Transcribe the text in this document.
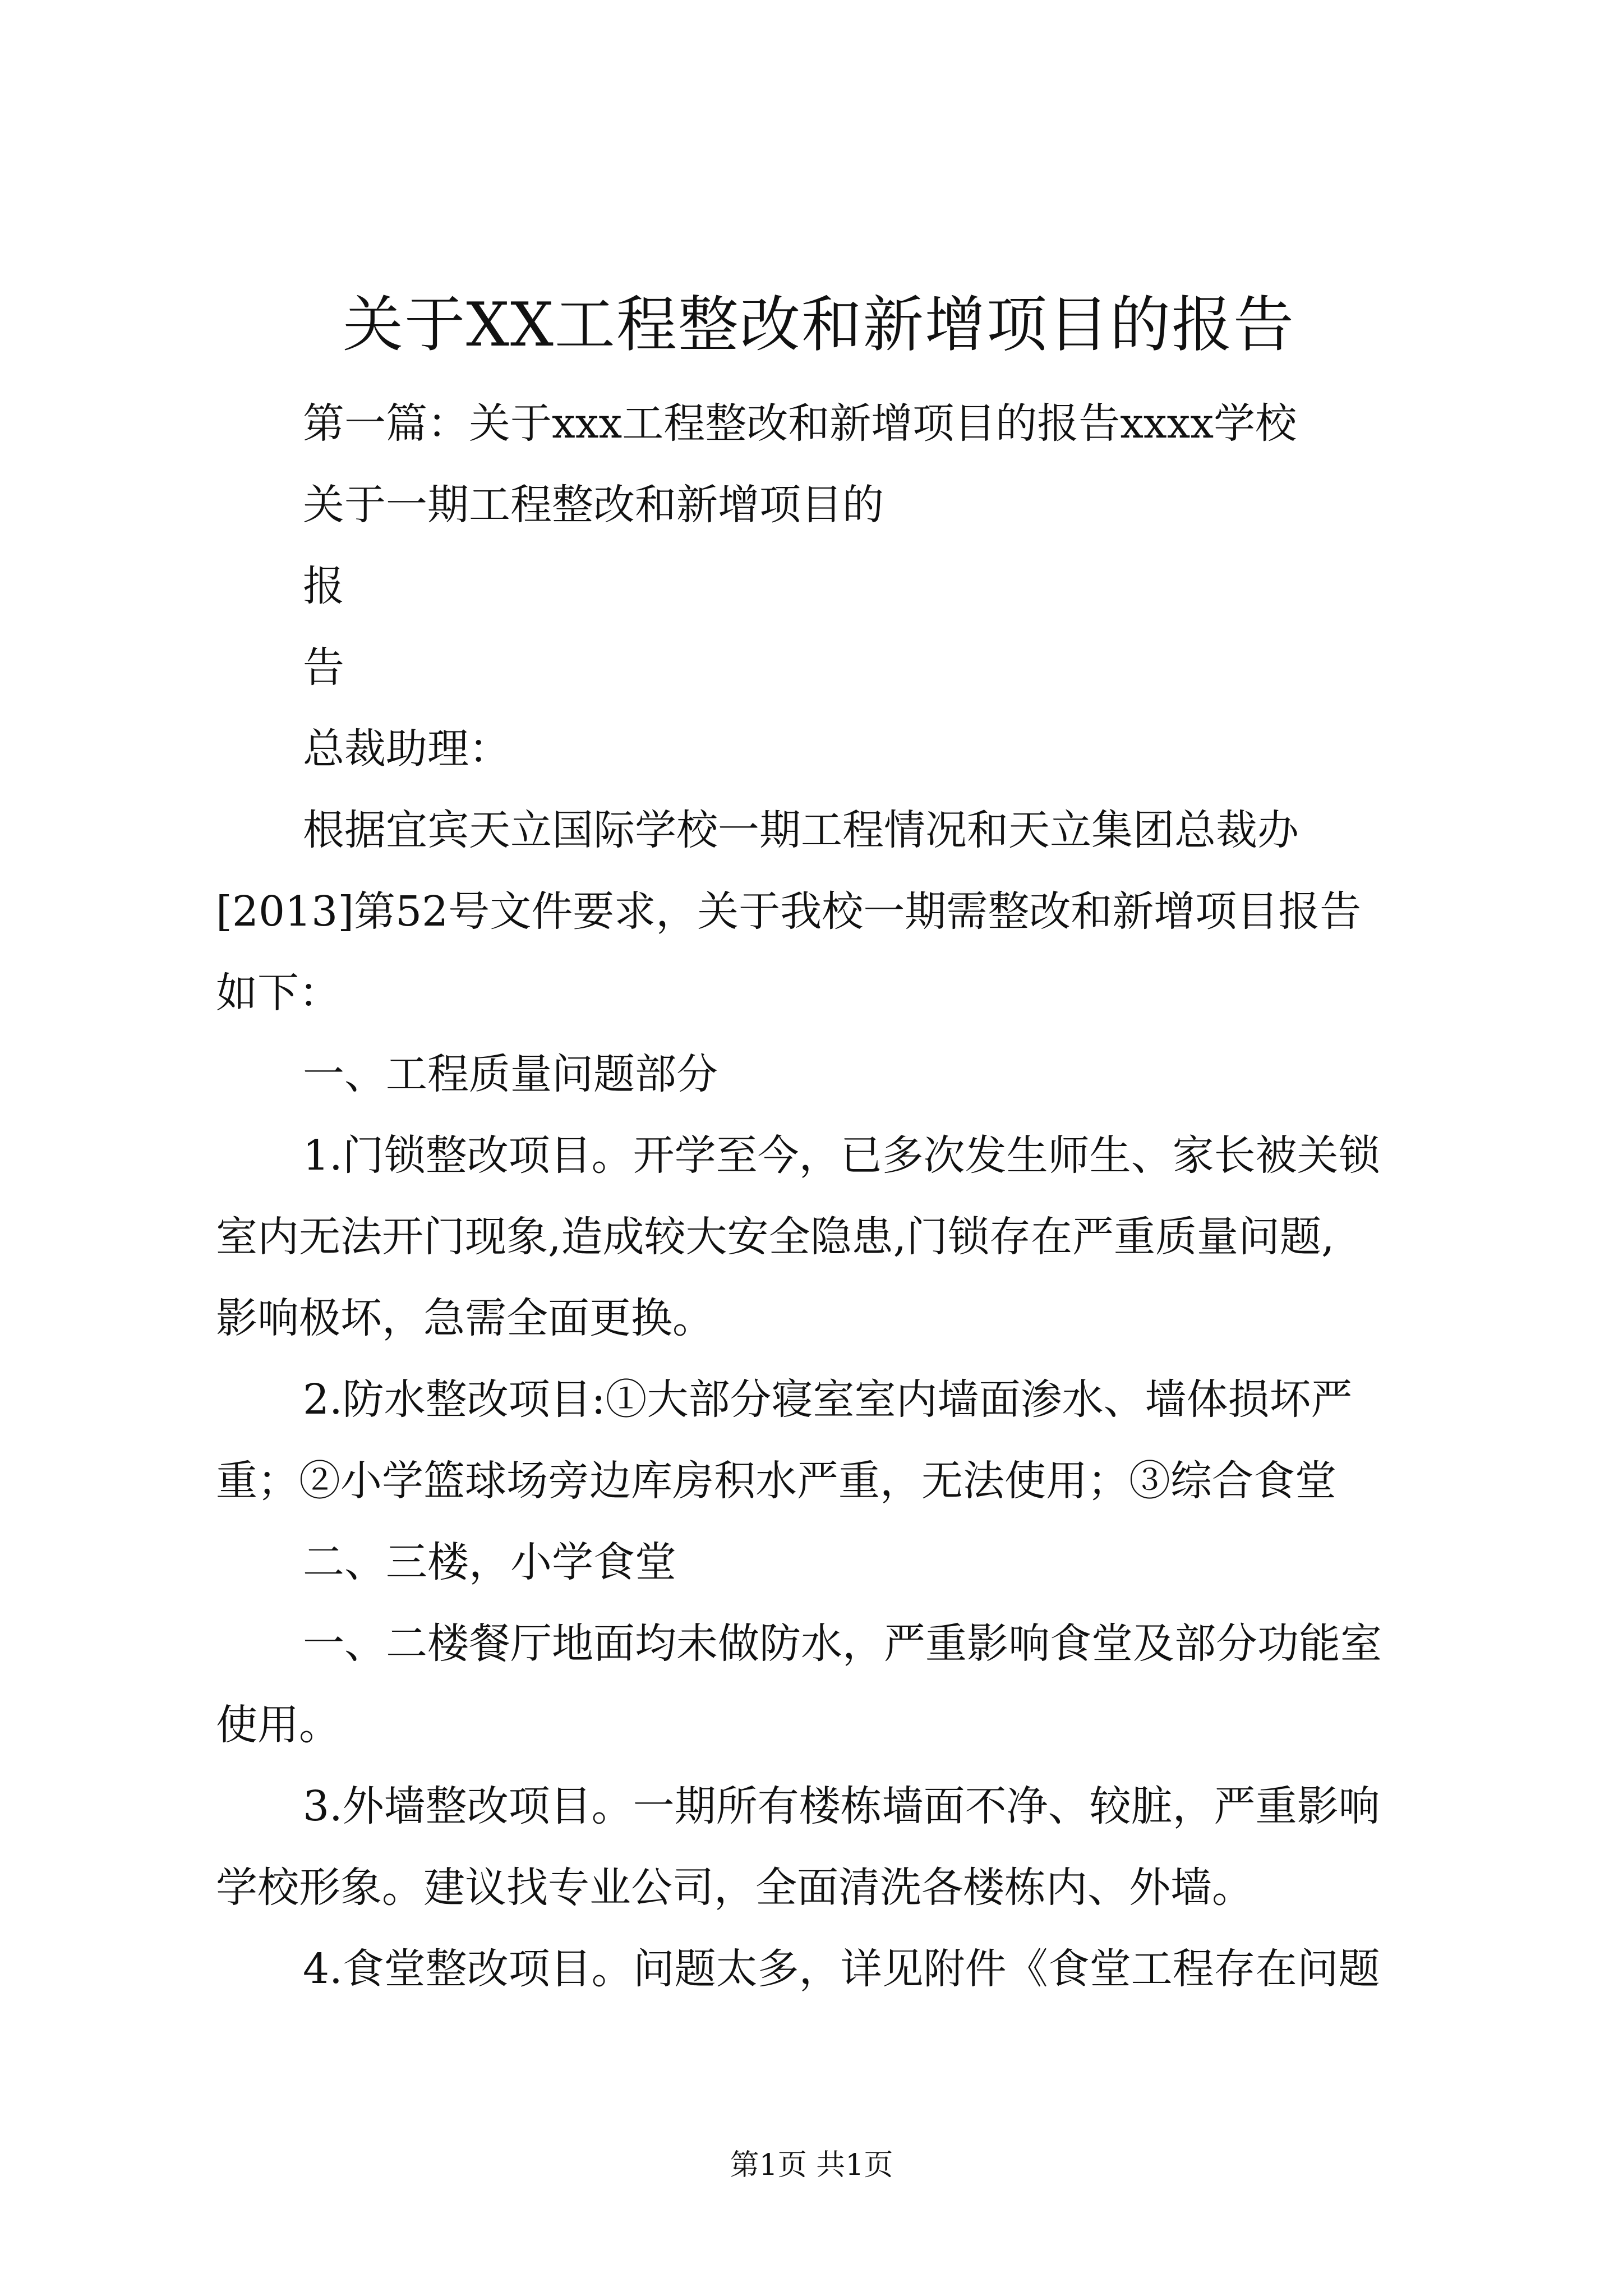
关于XX工程整改和新增项目的报告
第一篇：关于xxx工程整改和新增项目的报告xxxx学校
关于一期工程整改和新增项目的
报
告
总裁助理：
根据宜宾天立国际学校一期工程情况和天立集团总裁办
[2013]第52号文件要求，关于我校一期需整改和新增项目报告
如下：
一、工程质量问题部分
1.门锁整改项目。开学至今，已多次发生师生、家长被关锁
室内无法开门现象,造成较大安全隐患,门锁存在严重质量问题,
影响极坏，急需全面更换。
2.防水整改项目:①大部分寝室室内墙面渗水、墙体损坏严
重；②小学篮球场旁边库房积水严重，无法使用；③综合食堂
二、三楼，小学食堂
一、二楼餐厅地面均未做防水，严重影响食堂及部分功能室
使用。
3.外墙整改项目。一期所有楼栋墙面不净、较脏，严重影响
学校形象。建议找专业公司，全面清洗各楼栋内、外墙。
4.食堂整改项目。问题太多，详见附件《食堂工程存在问题
第1页 共1页
